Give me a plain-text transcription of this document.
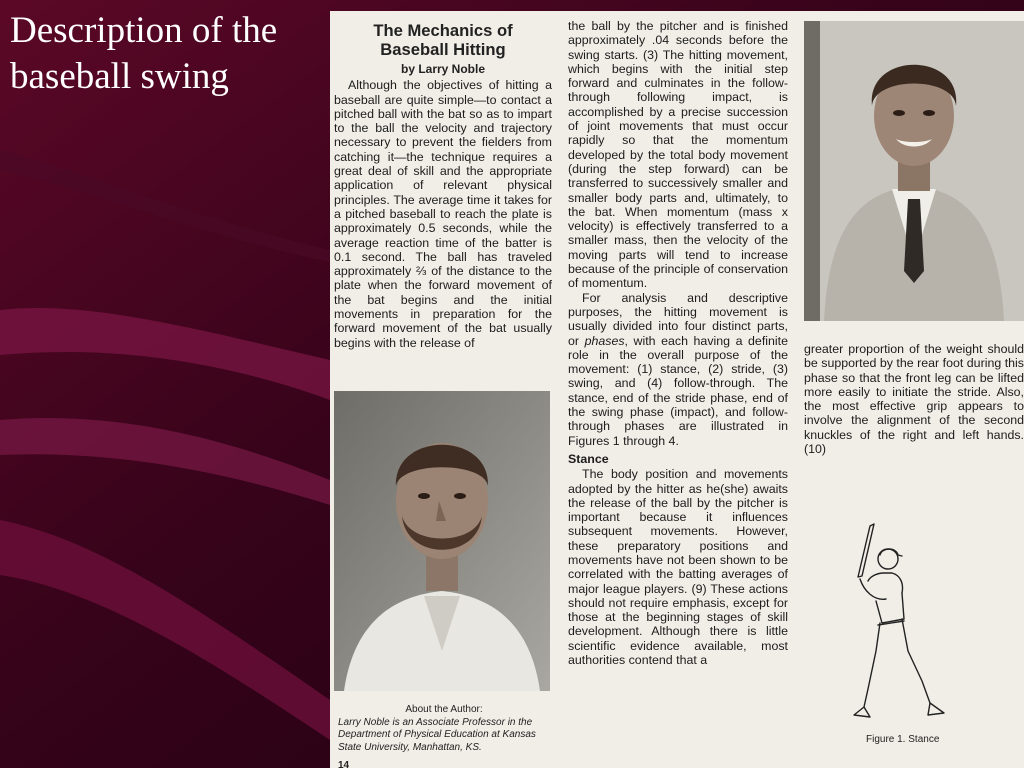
Description of the baseball swing
The Mechanics of
Baseball Hitting
by Larry Noble

Although the objectives of hitting a baseball are quite simple—to contact a pitched ball with the bat so as to impart to the ball the velocity and trajectory necessary to prevent the fielders from catching it—the technique requires a great deal of skill and the appropriate application of relevant physical principles. The average time it takes for a pitched baseball to reach the plate is approximately 0.5 seconds, while the average reaction time of the batter is 0.1 second. The ball has traveled approximately ⅔ of the distance to the plate when the forward movement of the bat begins and the initial movements in preparation for the forward movement of the bat usually begins with the release of

About the Author:
Larry Noble is an Associate Professor in the Department of Physical Education at Kansas State University, Manhattan, KS.
14

the ball by the pitcher and is finished approximately .04 seconds before the swing starts. (3) The hitting movement, which begins with the initial step forward and culminates in the follow-through following impact, is accomplished by a precise succession of joint movements that must occur rapidly so that the momentum developed by the total body movement (during the step forward) can be transferred to successively smaller and smaller body parts and, ultimately, to the bat. When momentum (mass x velocity) is effectively transferred to a smaller mass, then the velocity of the moving parts will tend to increase because of the principle of conservation of momentum.

For analysis and descriptive purposes, the hitting movement is usually divided into four distinct parts, or phases, with each having a definite role in the overall purpose of the movement: (1) stance, (2) stride, (3) swing, and (4) follow-through. The stance, end of the stride phase, end of the swing phase (impact), and follow-through phases are illustrated in Figures 1 through 4.

Stance

The body position and movements adopted by the hitter as he(she) awaits the release of the ball by the pitcher is important because it influences subsequent movements. However, these preparatory positions and movements have not been shown to be correlated with the batting averages of major league players. (9) These actions should not require emphasis, except for those at the beginning stages of skill development. Although there is little scientific evidence available, most authorities contend that a

greater proportion of the weight should be supported by the rear foot during this phase so that the front leg can be lifted more easily to initiate the stride. Also, the most effective grip appears to involve the alignment of the second knuckles of the right and left hands. (10)

Figure 1. Stance
